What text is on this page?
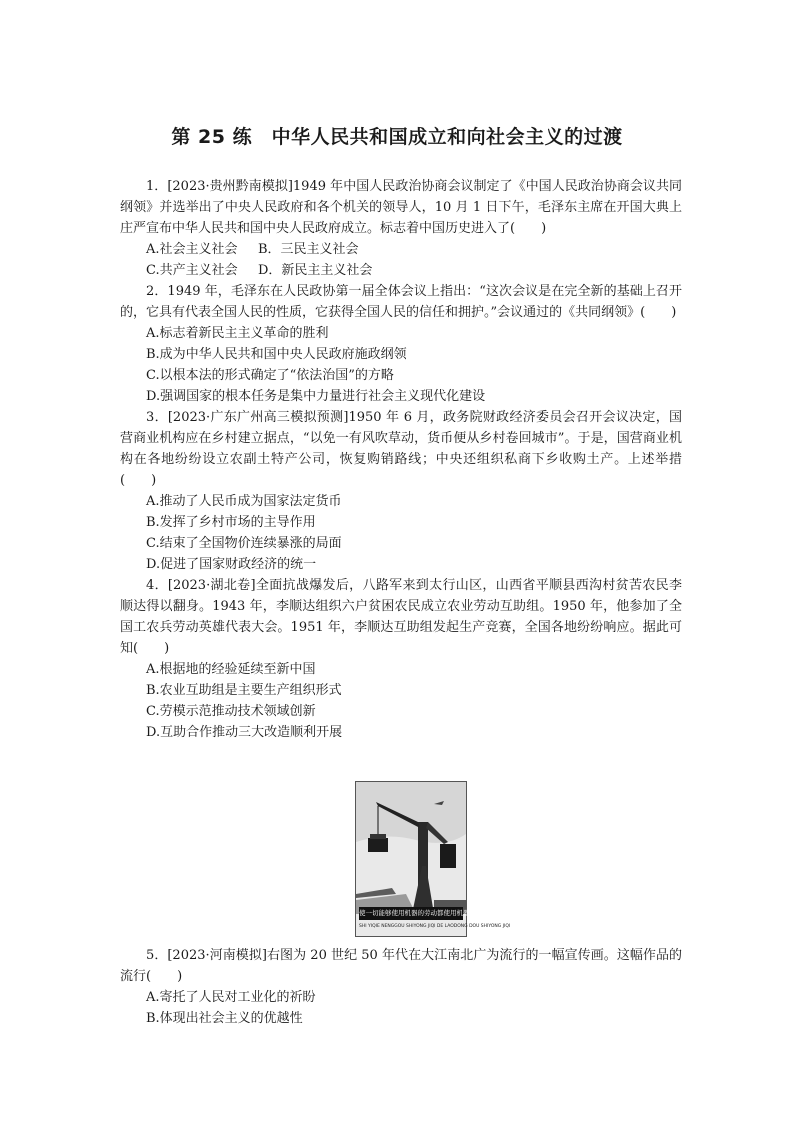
第 25 练　中华人民共和国成立和向社会主义的过渡

1．[2023·贵州黔南模拟]1949 年中国人民政治协商会议制定了《中国人民政治协商会议共同纲领》并选举出了中央人民政府和各个机关的领导人，10 月 1 日下午，毛泽东主席在开国大典上庄严宣布中华人民共和国中央人民政府成立。标志着中国历史进入了(　　)

A.社会主义社会	B．三民主义社会
C.共产主义社会	D．新民主主义社会

2．1949 年，毛泽东在人民政协第一届全体会议上指出：“这次会议是在完全新的基础上召开的，它具有代表全国人民的性质，它获得全国人民的信任和拥护。”会议通过的《共同纲领》(　　)

A.标志着新民主主义革命的胜利

B.成为中华人民共和国中央人民政府施政纲领

C.以根本法的形式确定了“依法治国”的方略

D.强调国家的根本任务是集中力量进行社会主义现代化建设

3．[2023·广东广州高三模拟预测]1950 年 6 月，政务院财政经济委员会召开会议决定，国营商业机构应在乡村建立据点，“以免一有风吹草动，货币便从乡村卷回城市”。于是，国营商业机构在各地纷纷设立农副土特产公司，恢复购销路线；中央还组织私商下乡收购土产。上述举措(　　)

A.推动了人民币成为国家法定货币

B.发挥了乡村市场的主导作用

C.结束了全国物价连续暴涨的局面

D.促进了国家财政经济的统一

4．[2023·湖北卷]全面抗战爆发后，八路军来到太行山区，山西省平顺县西沟村贫苦农民李顺达得以翻身。1943 年，李顺达组织六户贫困农民成立农业劳动互助组。1950 年，他参加了全国工农兵劳动英雄代表大会。1951 年，李顺达互助组发起生产竞赛，全国各地纷纷响应。据此可知(　　)

A.根据地的经验延续至新中国

B.农业互助组是主要生产组织形式

C.劳模示范推动技术领域创新

D.互助合作推动三大改造顺利开展

使一切能够使用机器的劳动都使用机器
SHI YIQIE NENGGOU SHIYONG JIQI DE LAODONG DOU SHIYONG JIQI

5．[2023·河南模拟]右图为 20 世纪 50 年代在大江南北广为流行的一幅宣传画。这幅作品的流行(　　)

A.寄托了人民对工业化的祈盼

B.体现出社会主义的优越性
